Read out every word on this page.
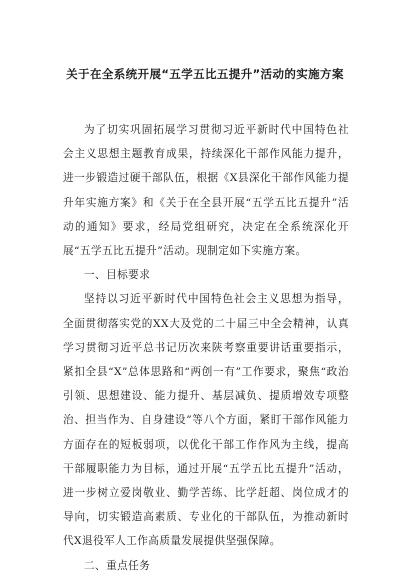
关于在全系统开展“五学五比五提升”活动的实施方案

为了切实巩固拓展学习贯彻习近平新时代中国特色社会主义思想主题教育成果，持续深化干部作风能力提升，进一步锻造过硬干部队伍，根据《X县深化干部作风能力提升年实施方案》和《关于在全县开展“五学五比五提升”活动的通知》要求，经局党组研究，决定在全系统深化开展“五学五比五提升”活动。现制定如下实施方案。

一、目标要求

坚持以习近平新时代中国特色社会主义思想为指导，全面贯彻落实党的XX大及党的二十届三中全会精神，认真学习贯彻习近平总书记历次来陕考察重要讲话重要指示，紧扣全县“X”总体思路和“两创一有”工作要求，聚焦“政治引领、思想建设、能力提升、基层减负、提质增效专项整治、担当作为、自身建设”等八个方面，紧盯干部作风能力方面存在的短板弱项，以优化干部工作作风为主线，提高干部履职能力为目标，通过开展“五学五比五提升”活动，进一步树立爱岗敬业、勤学苦练、比学赶超、岗位成才的导向，切实锻造高素质、专业化的干部队伍，为推动新时代X退役军人工作高质量发展提供坚强保障。

二、重点任务
